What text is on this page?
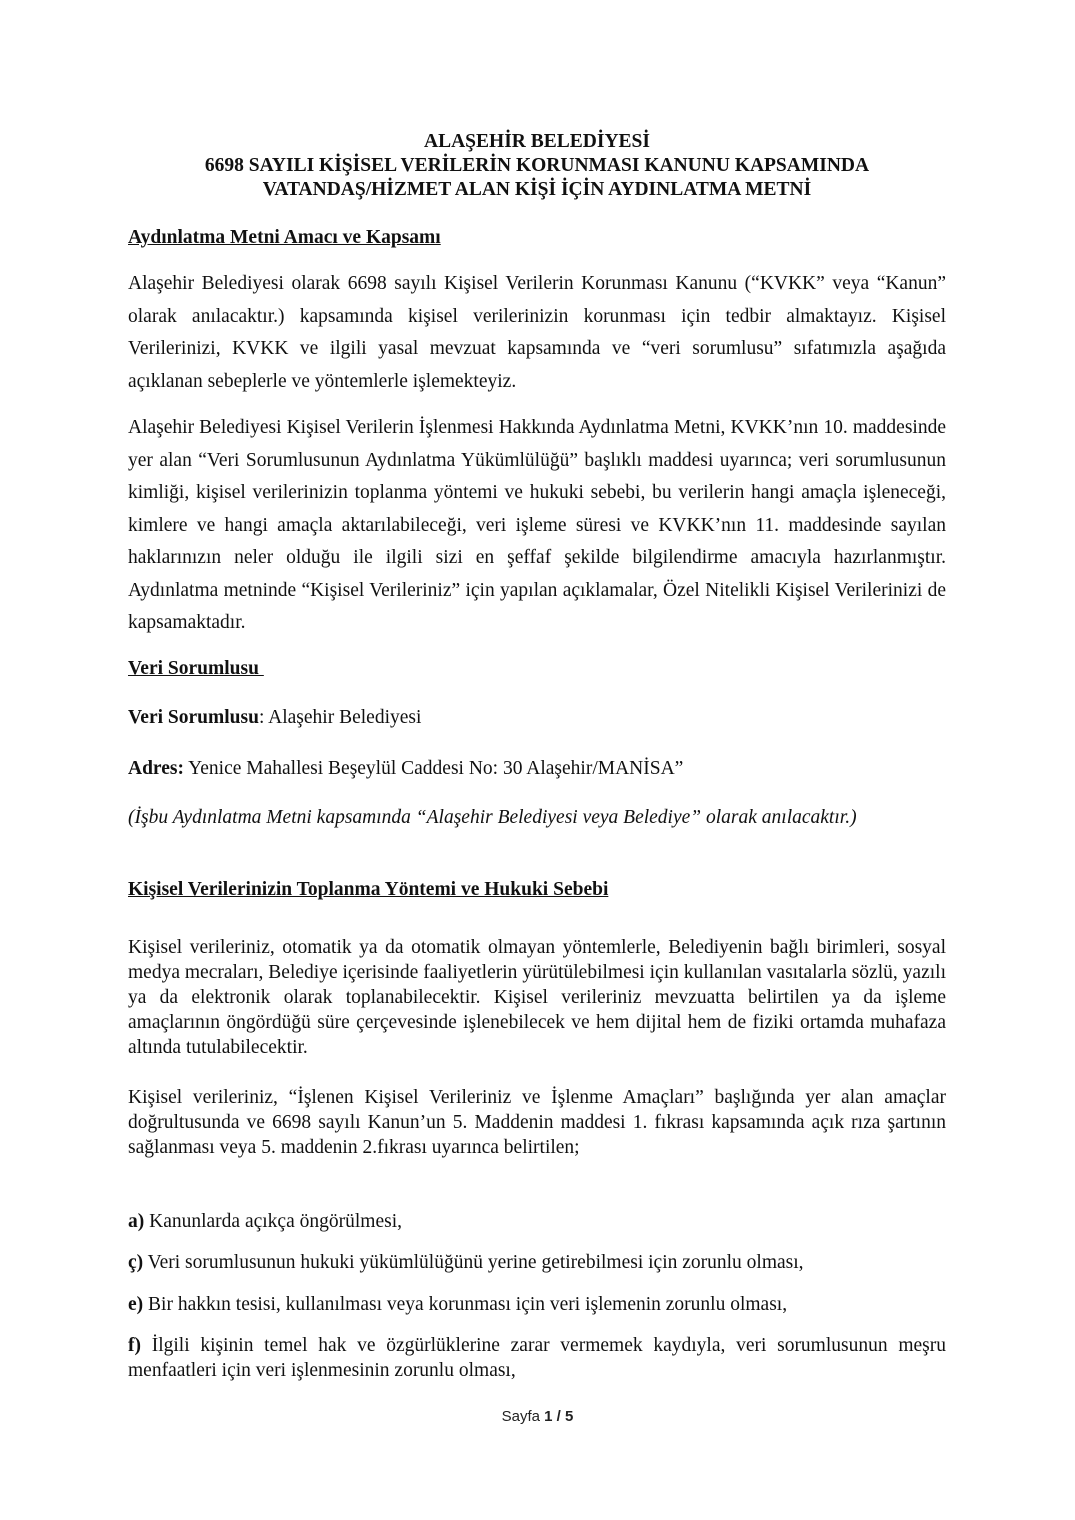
ALAŞEHİR BELEDİYESİ
6698 SAYILI KİŞİSEL VERİLERİN KORUNMASI KANUNU KAPSAMINDA
VATANDAŞ/HİZMET ALAN KİŞİ İÇİN AYDINLATMA METNİ
Aydınlatma Metni Amacı ve Kapsamı
Alaşehir Belediyesi olarak 6698 sayılı Kişisel Verilerin Korunması Kanunu (“KVKK” veya “Kanun” olarak anılacaktır.) kapsamında kişisel verilerinizin korunması için tedbir almaktayız. Kişisel Verilerinizi, KVKK ve ilgili yasal mevzuat kapsamında ve “veri sorumlusu” sıfatımızla aşağıda açıklanan sebeplerle ve yöntemlerle işlemekteyiz.
Alaşehir Belediyesi Kişisel Verilerin İşlenmesi Hakkında Aydınlatma Metni, KVKK’nın 10. maddesinde yer alan “Veri Sorumlusunun Aydınlatma Yükümlülüğü” başlıklı maddesi uyarınca; veri sorumlusunun kimliği, kişisel verilerinizin toplanma yöntemi ve hukuki sebebi, bu verilerin hangi amaçla işleneceği, kimlere ve hangi amaçla aktarılabileceği, veri işleme süresi ve KVKK’nın 11. maddesinde sayılan haklarınızın neler olduğu ile ilgili sizi en şeffaf şekilde bilgilendirme amacıyla hazırlanmıştır. Aydınlatma metninde “Kişisel Verileriniz” için yapılan açıklamalar, Özel Nitelikli Kişisel Verilerinizi de kapsamaktadır.
Veri Sorumlusu
Veri Sorumlusu: Alaşehir Belediyesi
Adres: Yenice Mahallesi Beşeylül Caddesi No: 30 Alaşehir/MANİSA”
(İşbu Aydınlatma Metni kapsamında “Alaşehir Belediyesi veya Belediye” olarak anılacaktır.)
Kişisel Verilerinizin Toplanma Yöntemi ve Hukuki Sebebi
Kişisel verileriniz, otomatik ya da otomatik olmayan yöntemlerle, Belediyenin bağlı birimleri, sosyal medya mecraları, Belediye içerisinde faaliyetlerin yürütülebilmesi için kullanılan vasıtalarla sözlü, yazılı ya da elektronik olarak toplanabilecektir. Kişisel verileriniz mevzuatta belirtilen ya da işleme amaçlarının öngördüğü süre çerçevesinde işlenebilecek ve hem dijital hem de fiziki ortamda muhafaza altında tutulabilecektir.
Kişisel verileriniz, “İşlenen Kişisel Verileriniz ve İşlenme Amaçları” başlığında yer alan amaçlar doğrultusunda ve 6698 sayılı Kanun’un 5. Maddenin maddesi 1. fıkrası kapsamında açık rıza şartının sağlanması veya 5. maddenin 2.fıkrası uyarınca belirtilen;
a) Kanunlarda açıkça öngörülmesi,
ç) Veri sorumlusunun hukuki yükümlülüğünü yerine getirebilmesi için zorunlu olması,
e) Bir hakkın tesisi, kullanılması veya korunması için veri işlemenin zorunlu olması,
f) İlgili kişinin temel hak ve özgürlüklerine zarar vermemek kaydıyla, veri sorumlusunun meşru menfaatleri için veri işlenmesinin zorunlu olması,
Sayfa 1 / 5
